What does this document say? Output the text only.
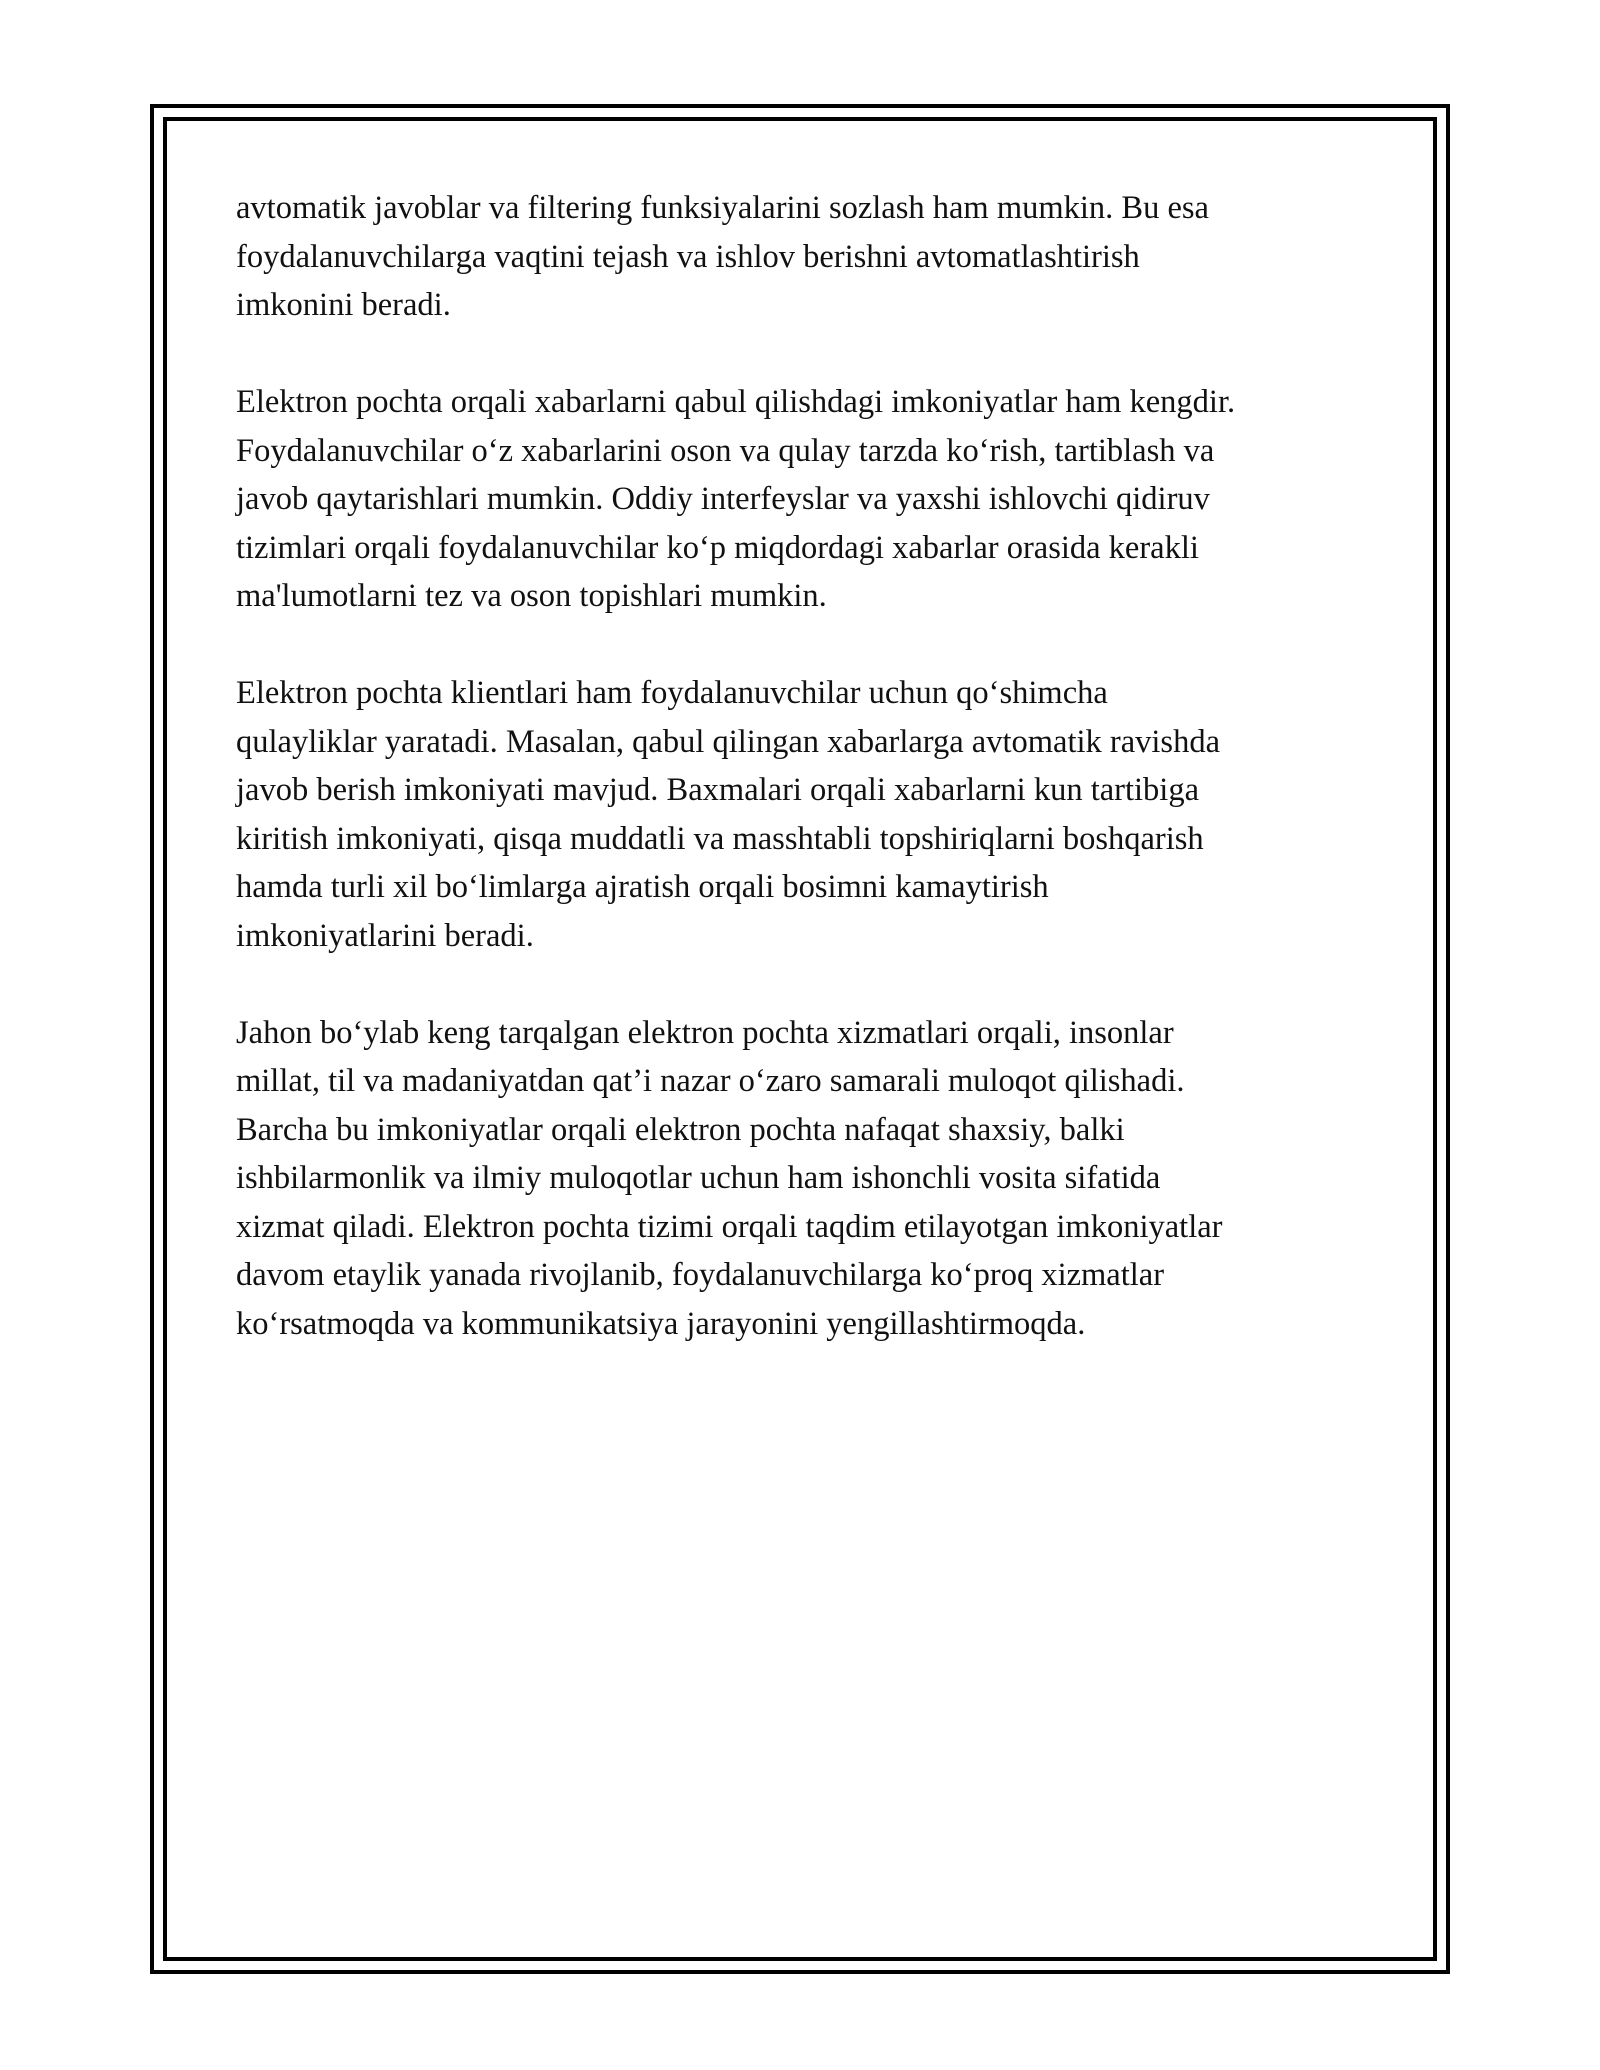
avtomatik javoblar va filtering funksiyalarini sozlash ham mumkin. Bu esa
foydalanuvchilarga vaqtini tejash va ishlov berishni avtomatlashtirish
imkonini beradi.

Elektron pochta orqali xabarlarni qabul qilishdagi imkoniyatlar ham kengdir.
Foydalanuvchilar o‘z xabarlarini oson va qulay tarzda ko‘rish, tartiblash va
javob qaytarishlari mumkin. Oddiy interfeyslar va yaxshi ishlovchi qidiruv
tizimlari orqali foydalanuvchilar ko‘p miqdordagi xabarlar orasida kerakli
ma'lumotlarni tez va oson topishlari mumkin.

Elektron pochta klientlari ham foydalanuvchilar uchun qo‘shimcha
qulayliklar yaratadi. Masalan, qabul qilingan xabarlarga avtomatik ravishda
javob berish imkoniyati mavjud. Baxmalari orqali xabarlarni kun tartibiga
kiritish imkoniyati, qisqa muddatli va masshtabli topshiriqlarni boshqarish
hamda turli xil bo‘limlarga ajratish orqali bosimni kamaytirish
imkoniyatlarini beradi.

Jahon bo‘ylab keng tarqalgan elektron pochta xizmatlari orqali, insonlar
millat, til va madaniyatdan qat’i nazar o‘zaro samarali muloqot qilishadi.
Barcha bu imkoniyatlar orqali elektron pochta nafaqat shaxsiy, balki
ishbilarmonlik va ilmiy muloqotlar uchun ham ishonchli vosita sifatida
xizmat qiladi. Elektron pochta tizimi orqali taqdim etilayotgan imkoniyatlar
davom etaylik yanada rivojlanib, foydalanuvchilarga ko‘proq xizmatlar
ko‘rsatmoqda va kommunikatsiya jarayonini yengillashtirmoqda.
